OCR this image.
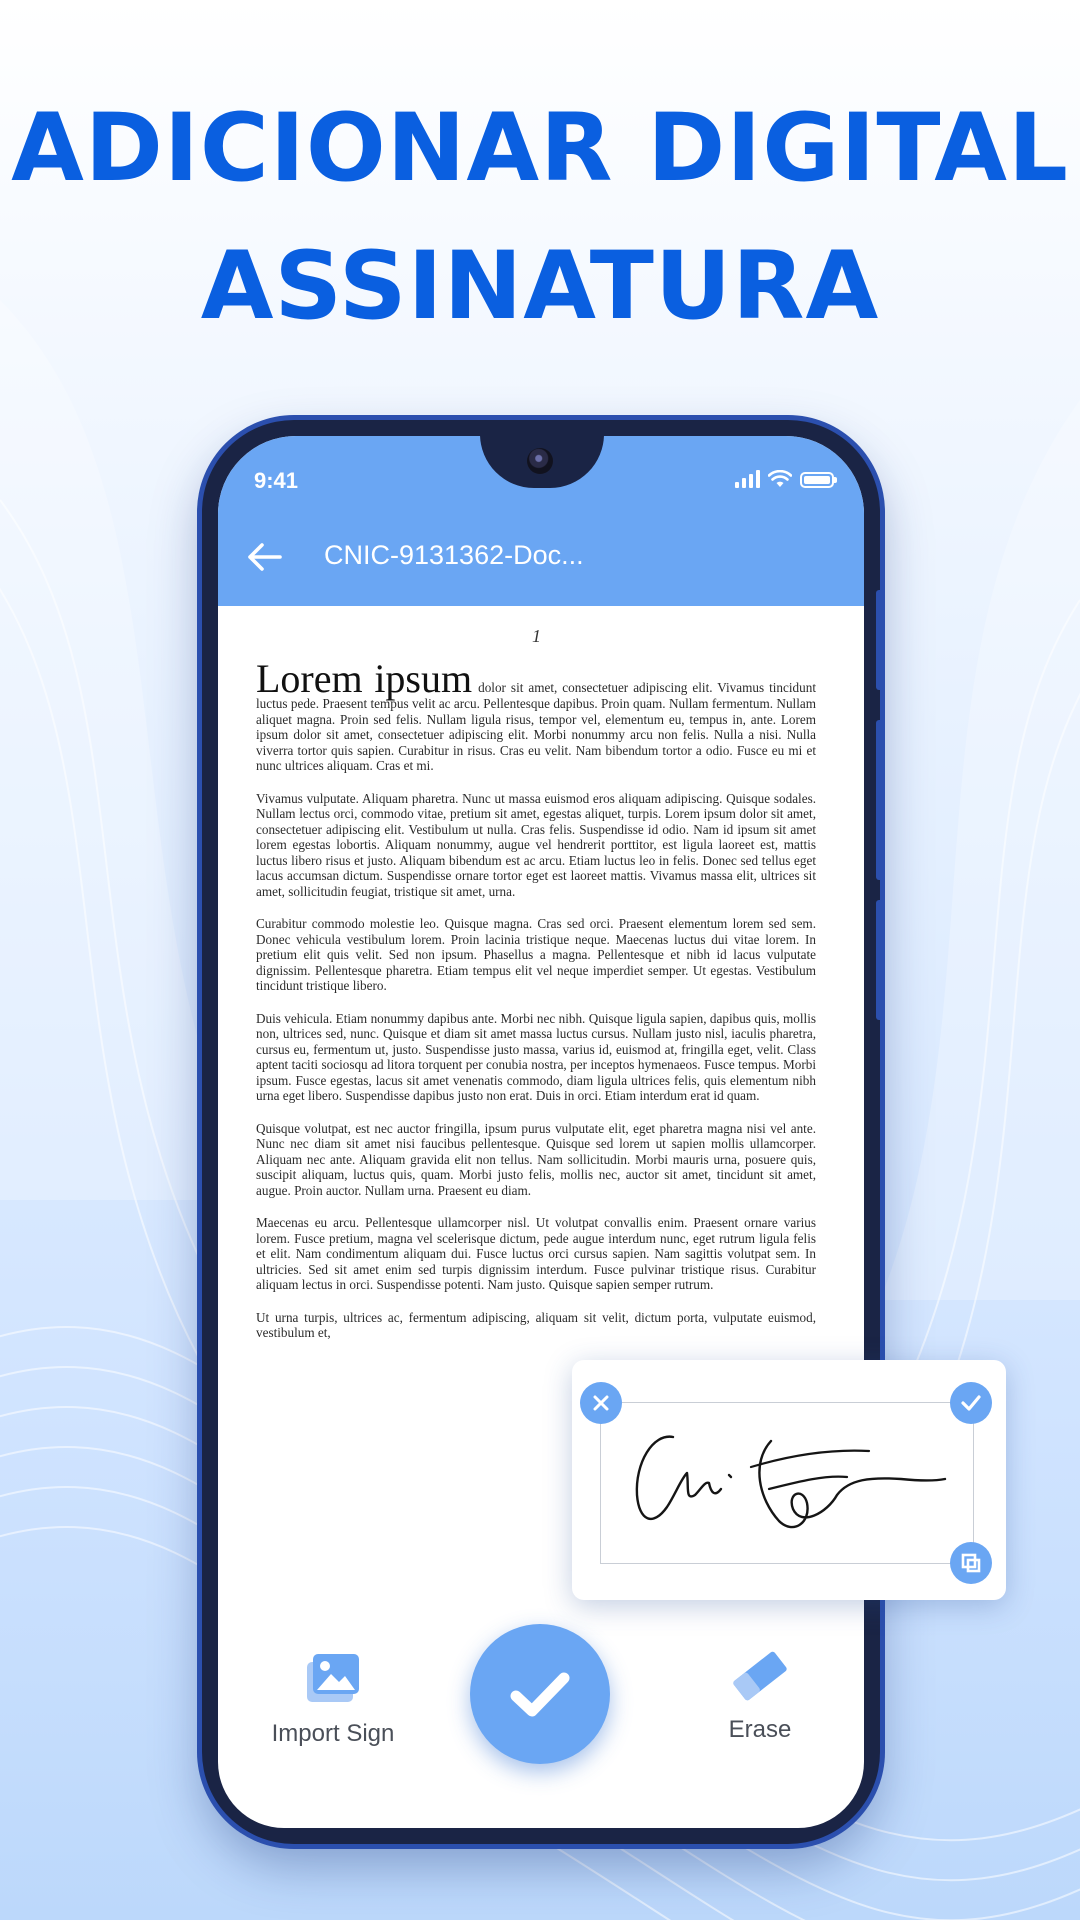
ADICIONAR DIGITAL
ASSINATURA
9:41
CNIC-9131362-Doc...
1

Lorem ipsum dolor sit amet, consectetuer adipiscing elit. Vivamus tincidunt luctus pede. Praesent tempus velit ac arcu. Pellentesque dapibus. Proin quam. Nullam fermentum. Nullam aliquet magna. Proin sed felis. Nullam ligula risus, tempor vel, elementum eu, tempus in, ante. Lorem ipsum dolor sit amet, consectetuer adipiscing elit. Morbi nonummy arcu non felis. Nulla a nisi. Nulla viverra tortor quis sapien. Curabitur in risus. Cras eu velit. Nam bibendum tortor a odio. Fusce eu mi et nunc ultrices aliquam. Cras et mi.

Vivamus vulputate. Aliquam pharetra. Nunc ut massa euismod eros aliquam adipiscing. Quisque sodales. Nullam lectus orci, commodo vitae, pretium sit amet, egestas aliquet, turpis. Lorem ipsum dolor sit amet, consectetuer adipiscing elit. Vestibulum ut nulla. Cras felis. Suspendisse id odio. Nam id ipsum sit amet lorem egestas lobortis. Aliquam nonummy, augue vel hendrerit porttitor, est ligula laoreet est, mattis luctus libero risus et justo. Aliquam bibendum est ac arcu. Etiam luctus leo in felis. Donec sed tellus eget lacus accumsan dictum. Suspendisse ornare tortor eget est laoreet mattis. Vivamus massa elit, ultrices sit amet, sollicitudin feugiat, tristique sit amet, urna.

Curabitur commodo molestie leo. Quisque magna. Cras sed orci. Praesent elementum lorem sed sem. Donec vehicula vestibulum lorem. Proin lacinia tristique neque. Maecenas luctus dui vitae lorem. In pretium elit quis velit. Sed non ipsum. Phasellus a magna. Pellentesque et nibh id lacus vulputate dignissim. Pellentesque pharetra. Etiam tempus elit vel neque imperdiet semper. Ut egestas. Vestibulum tincidunt tristique libero.

Duis vehicula. Etiam nonummy dapibus ante. Morbi nec nibh. Quisque ligula sapien, dapibus quis, mollis non, ultrices sed, nunc. Quisque et diam sit amet massa luctus cursus. Nullam justo nisl, iaculis pharetra, cursus eu, fermentum ut, justo. Suspendisse justo massa, varius id, euismod at, fringilla eget, velit. Class aptent taciti sociosqu ad litora torquent per conubia nostra, per inceptos hymenaeos. Fusce tempus. Morbi ipsum. Fusce egestas, lacus sit amet venenatis commodo, diam ligula ultrices felis, quis elementum nibh urna eget libero. Suspendisse dapibus justo non erat. Duis in orci. Etiam interdum erat id quam.

Quisque volutpat, est nec auctor fringilla, ipsum purus vulputate elit, eget pharetra magna nisi vel ante. Nunc nec diam sit amet nisi faucibus pellentesque. Quisque sed lorem ut sapien mollis ullamcorper. Aliquam nec ante. Aliquam gravida elit non tellus. Nam sollicitudin. Morbi mauris urna, posuere quis, suscipit aliquam, luctus quis, quam. Morbi justo felis, mollis nec, auctor sit amet, tincidunt sit amet, augue. Proin auctor. Nullam urna. Praesent eu diam.

Maecenas eu arcu. Pellentesque ullamcorper nisl. Ut volutpat convallis enim. Praesent ornare varius lorem. Fusce pretium, magna vel scelerisque dictum, pede augue interdum nunc, eget rutrum ligula felis et elit. Nam condimentum aliquam dui. Fusce luctus orci cursus sapien. Nam sagittis volutpat sem. In ultricies. Sed sit amet enim sed turpis dignissim interdum. Fusce pulvinar tristique risus. Curabitur aliquam lectus in orci. Suspendisse potenti. Nam justo. Quisque sapien semper rutrum.

Ut urna turpis, ultrices ac, fermentum adipiscing, aliquam sit velit, dictum porta, vulputate euismod, vestibulum et,

Import Sign	Erase
